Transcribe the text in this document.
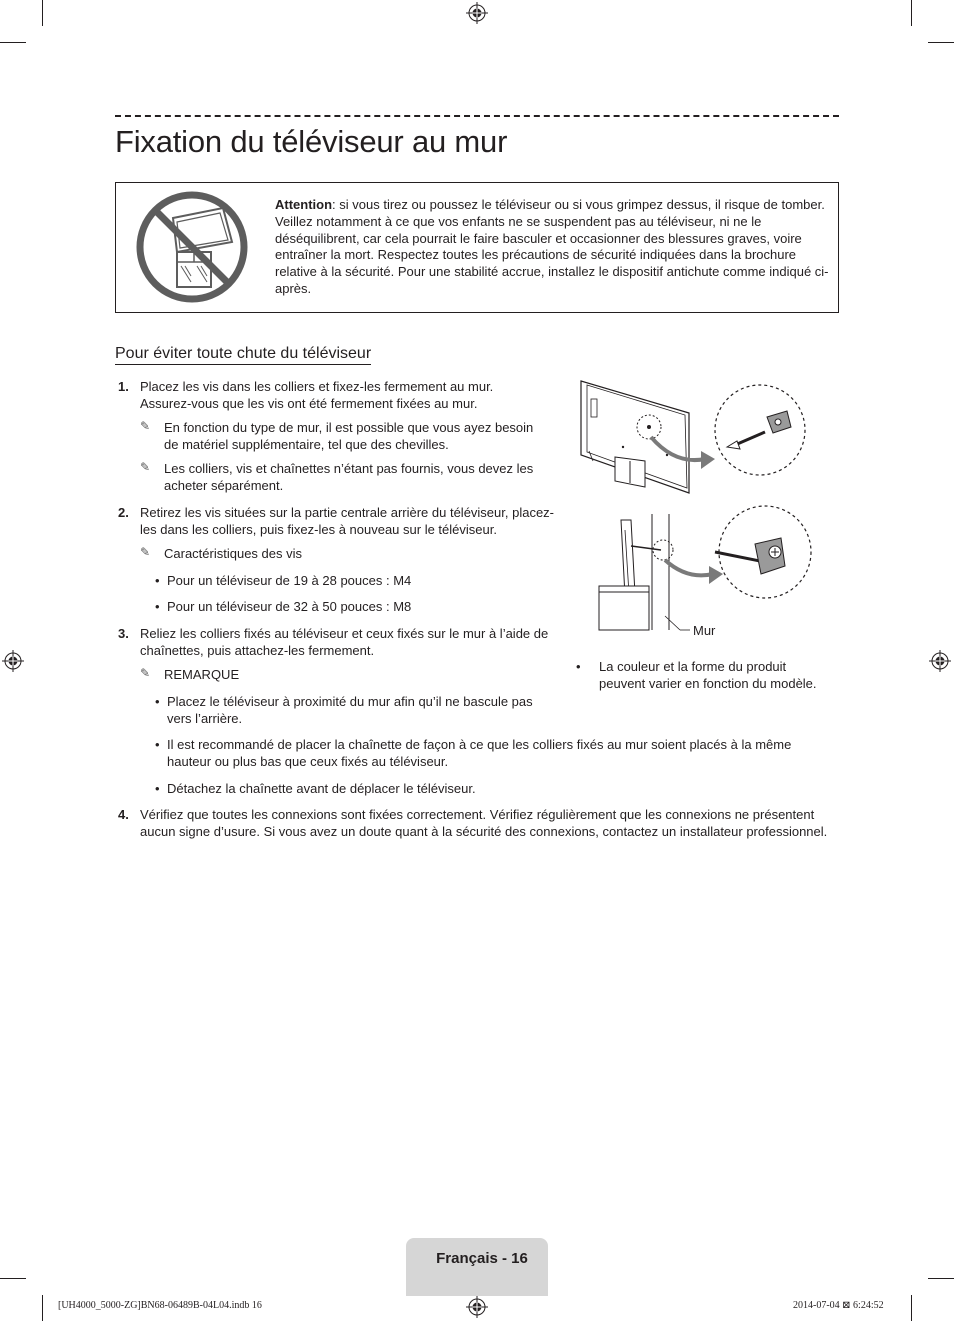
Fixation du téléviseur au mur
Attention: si vous tirez ou poussez le téléviseur ou si vous grimpez dessus, il risque de tomber. Veillez notamment à ce que vos enfants ne se suspendent pas au téléviseur, ni ne le déséquilibrent, car cela pourrait le faire basculer et occasionner des blessures graves, voire entraîner la mort. Respectez toutes les précautions de sécurité indiquées dans la brochure relative à la sécurité. Pour une stabilité accrue, installez le dispositif antichute comme indiqué ci-après.
Pour éviter toute chute du téléviseur
1. Placez les vis dans les colliers et fixez-les fermement au mur. Assurez-vous que les vis ont été fermement fixées au mur.
✎ En fonction du type de mur, il est possible que vous ayez besoin de matériel supplémentaire, tel que des chevilles.
✎ Les colliers, vis et chaînettes n’étant pas fournis, vous devez les acheter séparément.
2. Retirez les vis situées sur la partie centrale arrière du téléviseur, placez-les dans les colliers, puis fixez-les à nouveau sur le téléviseur.
✎ Caractéristiques des vis
• Pour un téléviseur de 19 à 28 pouces : M4
• Pour un téléviseur de 32 à 50 pouces : M8
3. Reliez les colliers fixés au téléviseur et ceux fixés sur le mur à l’aide de chaînettes, puis attachez-les fermement.
✎ REMARQUE
• Placez le téléviseur à proximité du mur afin qu’il ne bascule pas vers l’arrière.
• Il est recommandé de placer la chaînette de façon à ce que les colliers fixés au mur soient placés à la même hauteur ou plus bas que ceux fixés au téléviseur.
• Détachez la chaînette avant de déplacer le téléviseur.
4. Vérifiez que toutes les connexions sont fixées correctement. Vérifiez régulièrement que les connexions ne présentent aucun signe d’usure. Si vous avez un doute quant à la sécurité des connexions, contactez un installateur professionnel.
Mur
• La couleur et la forme du produit peuvent varier en fonction du modèle.
Français - 16
[UH4000_5000-ZG]BN68-06489B-04L04.indb 16	2014-07-04 ⊠ 6:24:52
